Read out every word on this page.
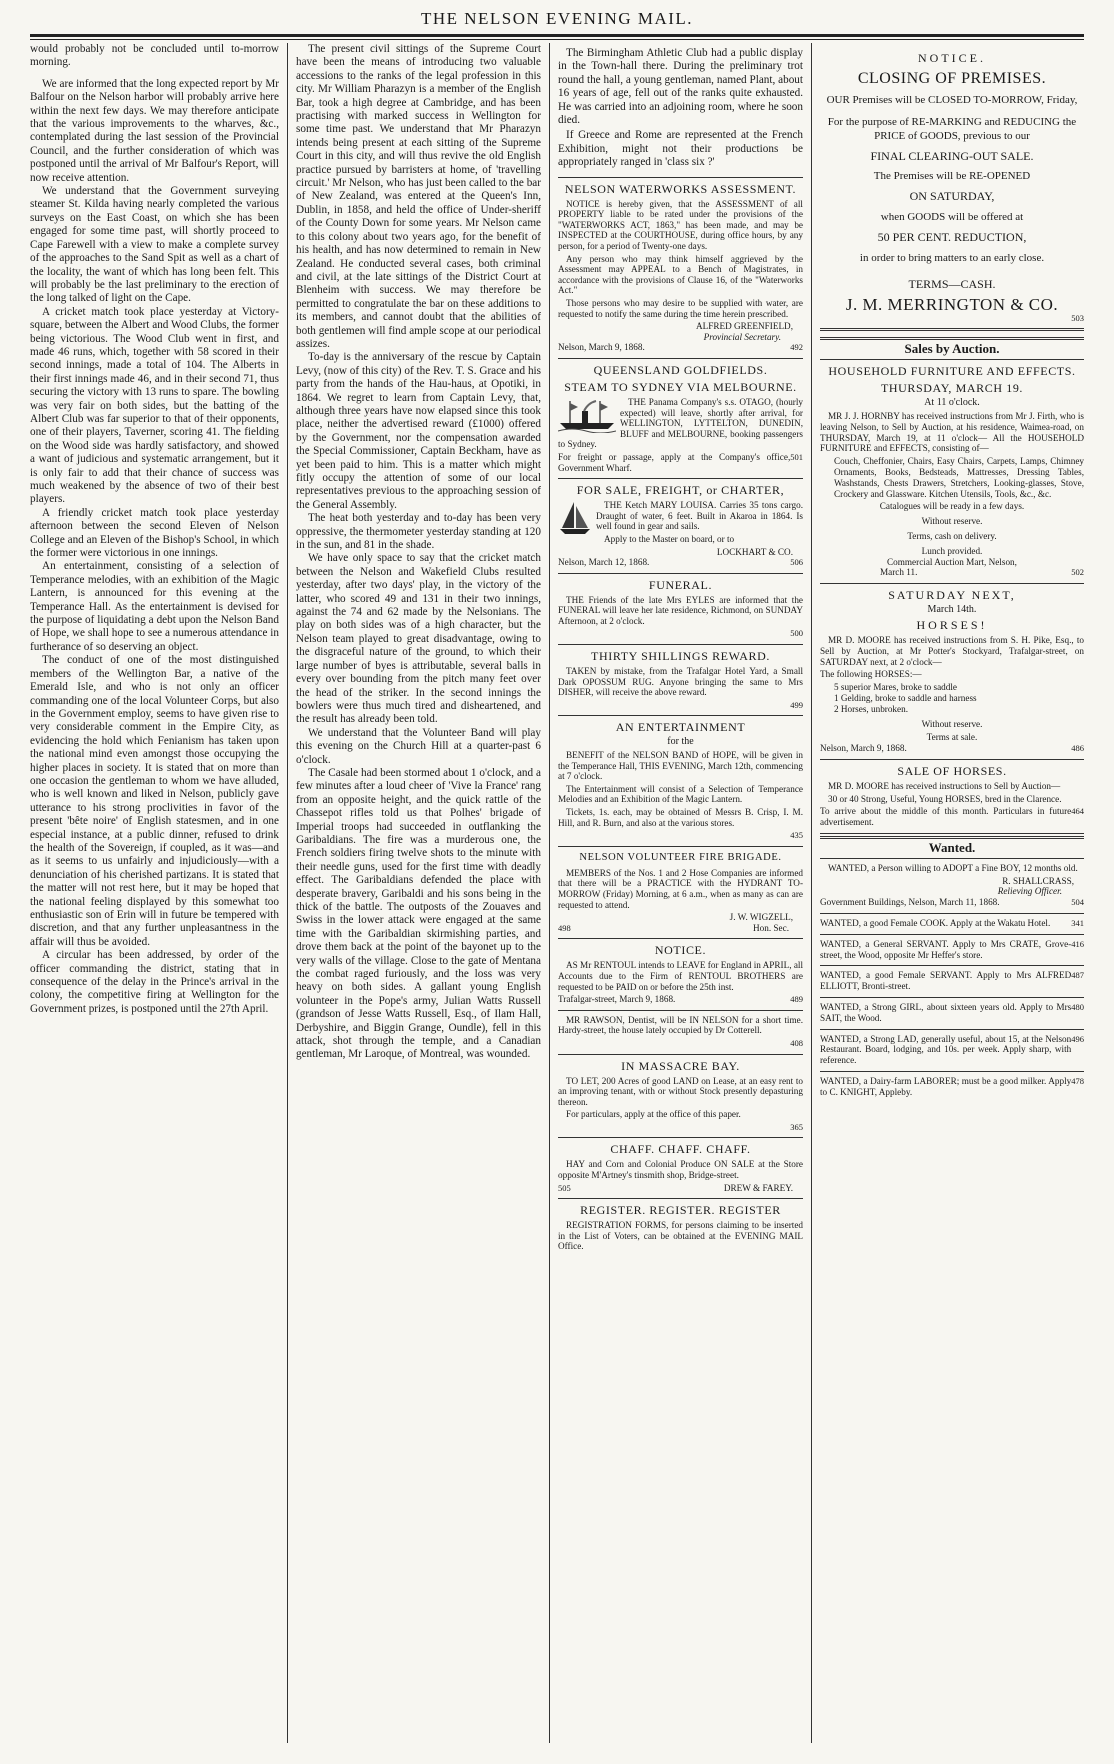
THE NELSON EVENING MAIL.

would probably not be concluded until to-morrow morning.

We are informed that the long expected report by Mr Balfour on the Nelson harbor will probably arrive here within the next few days. We may therefore anticipate that the various improvements to the wharves, &c., contemplated during the last session of the Provincial Council, and the further consideration of which was postponed until the arrival of Mr Balfour's Report, will now receive attention.

We understand that the Government surveying steamer St. Kilda having nearly completed the various surveys on the East Coast, on which she has been engaged for some time past, will shortly proceed to Cape Farewell with a view to make a complete survey of the approaches to the Sand Spit as well as a chart of the locality, the want of which has long been felt. This will probably be the last preliminary to the erection of the long talked of light on the Cape.

A cricket match took place yesterday at Victory-square, between the Albert and Wood Clubs, the former being victorious. The Wood Club went in first, and made 46 runs, which, together with 58 scored in their second innings, made a total of 104. The Alberts in their first innings made 46, and in their second 71, thus securing the victory with 13 runs to spare. The bowling was very fair on both sides, but the batting of the Albert Club was far superior to that of their opponents, one of their players, Taverner, scoring 41. The fielding on the Wood side was hardly satisfactory, and showed a want of judicious and systematic arrangement, but it is only fair to add that their chance of success was much weakened by the absence of two of their best players.

A friendly cricket match took place yesterday afternoon between the second Eleven of Nelson College and an Eleven of the Bishop's School, in which the former were victorious in one innings.

An entertainment, consisting of a selection of Temperance melodies, with an exhibition of the Magic Lantern, is announced for this evening at the Temperance Hall. As the entertainment is devised for the purpose of liquidating a debt upon the Nelson Band of Hope, we shall hope to see a numerous attendance in furtherance of so deserving an object.

The conduct of one of the most distinguished members of the Wellington Bar, a native of the Emerald Isle, and who is not only an officer commanding one of the local Volunteer Corps, but also in the Government employ, seems to have given rise to very considerable comment in the Empire City, as evidencing the hold which Fenianism has taken upon the national mind even amongst those occupying the higher places in society. It is stated that on more than one occasion the gentleman to whom we have alluded, who is well known and liked in Nelson, publicly gave utterance to his strong proclivities in favor of the present 'bête noire' of English statesmen, and in one especial instance, at a public dinner, refused to drink the health of the Sovereign, if coupled, as it was—and as it seems to us unfairly and injudiciously—with a denunciation of his cherished partizans. It is stated that the matter will not rest here, but it may be hoped that the national feeling displayed by this somewhat too enthusiastic son of Erin will in future be tempered with discretion, and that any further unpleasantness in the affair will thus be avoided.

A circular has been addressed, by order of the officer commanding the district, stating that in consequence of the delay in the Prince's arrival in the colony, the competitive firing at Wellington for the Government prizes, is postponed until the 27th April.

The present civil sittings of the Supreme Court have been the means of introducing two valuable accessions to the ranks of the legal profession in this city. Mr William Pharazyn is a member of the English Bar, took a high degree at Cambridge, and has been practising with marked success in Wellington for some time past. We understand that Mr Pharazyn intends being present at each sitting of the Supreme Court in this city, and will thus revive the old English practice pursued by barristers at home, of 'travelling circuit.' Mr Nelson, who has just been called to the bar of New Zealand, was entered at the Queen's Inn, Dublin, in 1858, and held the office of Under-sheriff of the County Down for some years. Mr Nelson came to this colony about two years ago, for the benefit of his health, and has now determined to remain in New Zealand. He conducted several cases, both criminal and civil, at the late sittings of the District Court at Blenheim with success. We may therefore be permitted to congratulate the bar on these additions to its members, and cannot doubt that the abilities of both gentlemen will find ample scope at our periodical assizes.

To-day is the anniversary of the rescue by Captain Levy, (now of this city) of the Rev. T. S. Grace and his party from the hands of the Hau-haus, at Opotiki, in 1864. We regret to learn from Captain Levy, that, although three years have now elapsed since this took place, neither the advertised reward (£1000) offered by the Government, nor the compensation awarded the Special Commissioner, Captain Beckham, have as yet been paid to him. This is a matter which might fitly occupy the attention of some of our local representatives previous to the approaching session of the General Assembly.

The heat both yesterday and to-day has been very oppressive, the thermometer yesterday standing at 120 in the sun, and 81 in the shade.

We have only space to say that the cricket match between the Nelson and Wakefield Clubs resulted yesterday, after two days' play, in the victory of the latter, who scored 49 and 131 in their two innings, against the 74 and 62 made by the Nelsonians. The play on both sides was of a high character, but the Nelson team played to great disadvantage, owing to the disgraceful nature of the ground, to which their large number of byes is attributable, several balls in every over bounding from the pitch many feet over the head of the striker. In the second innings the bowlers were thus much tired and disheartened, and the result has already been told.

We understand that the Volunteer Band will play this evening on the Church Hill at a quarter-past 6 o'clock.

The Casale had been stormed about 1 o'clock, and a few minutes after a loud cheer of 'Vive la France' rang from an opposite height, and the quick rattle of the Chassepot rifles told us that Polhes' brigade of Imperial troops had succeeded in outflanking the Garibaldians. The fire was a murderous one, the French soldiers firing twelve shots to the minute with their needle guns, used for the first time with deadly effect. The Garibaldians defended the place with desperate bravery, Garibaldi and his sons being in the thick of the battle. The outposts of the Zouaves and Swiss in the lower attack were engaged at the same time with the Garibaldian skirmishing parties, and drove them back at the point of the bayonet up to the very walls of the village. Close to the gate of Mentana the combat raged furiously, and the loss was very heavy on both sides. A gallant young English volunteer in the Pope's army, Julian Watts Russell (grandson of Jesse Watts Russell, Esq., of Ilam Hall, Derbyshire, and Biggin Grange, Oundle), fell in this attack, shot through the temple, and a Canadian gentleman, Mr Laroque, of Montreal, was wounded.

The Birmingham Athletic Club had a public display in the Town-hall there. During the preliminary trot round the hall, a young gentleman, named Plant, about 16 years of age, fell out of the ranks quite exhausted. He was carried into an adjoining room, where he soon died.

If Greece and Rome are represented at the French Exhibition, might not their productions be appropriately ranged in 'class six ?'

NELSON WATERWORKS ASSESSMENT.

NOTICE is hereby given, that the ASSESSMENT of all PROPERTY liable to be rated under the provisions of the "WATERWORKS ACT, 1863," has been made, and may be INSPECTED at the COURTHOUSE, during office hours, by any person, for a period of Twenty-one days.

Any person who may think himself aggrieved by the Assessment may APPEAL to a Bench of Magistrates, in accordance with the provisions of Clause 16, of the "Waterworks Act."

Those persons who may desire to be supplied with water, are requested to notify the same during the time herein prescribed.

ALFRED GREENFIELD,
Provincial Secretary.
Nelson, March 9, 1868.	492
QUEENSLAND GOLDFIELDS.
STEAM TO SYDNEY VIA MELBOURNE.

THE Panama Company's s.s. OTAGO, (hourly expected) will leave, shortly after arrival, for WELLINGTON, LYTTELTON, DUNEDIN, BLUFF and MELBOURNE, booking passengers to Sydney.

For freight or passage, apply at the Company's office, Government Wharf.
501
FOR SALE, FREIGHT, or CHARTER,

THE Ketch MARY LOUISA. Carries 35 tons cargo. Draught of water, 6 feet. Built in Akaroa in 1864. Is well found in gear and sails.

Apply to the Master on board, or to

LOCKHART & CO.
Nelson, March 12, 1868.	506
FUNERAL.

THE Friends of the late Mrs EYLES are informed that the FUNERAL will leave her late residence, Richmond, on SUNDAY Afternoon, at 2 o'clock.

500
THIRTY SHILLINGS REWARD.

TAKEN by mistake, from the Trafalgar Hotel Yard, a Small Dark OPOSSUM RUG. Anyone bringing the same to Mrs DISHER, will receive the above reward.

499
AN ENTERTAINMENT
for the

BENEFIT of the NELSON BAND of HOPE, will be given in the Temperance Hall, THIS EVENING, March 12th, commencing at 7 o'clock.

The Entertainment will consist of a Selection of Temperance Melodies and an Exhibition of the Magic Lantern.

Tickets, 1s. each, may be obtained of Messrs B. Crisp, I. M. Hill, and R. Burn, and also at the various stores.

435
NELSON VOLUNTEER FIRE BRIGADE.

MEMBERS of the Nos. 1 and 2 Hose Companies are informed that there will be a PRACTICE with the HYDRANT TO-MORROW (Friday) Morning, at 6 a.m., when as many as can are requested to attend.

J. W. WIGZELL,
498	Hon. Sec.
NOTICE.

AS Mr RENTOUL intends to LEAVE for England in APRIL, all Accounts due to the Firm of RENTOUL BROTHERS are requested to be PAID on or before the 25th inst.

Trafalgar-street, March 9, 1868.	489

MR RAWSON, Dentist, will be IN NELSON for a short time. Hardy-street, the house lately occupied by Dr Cotterell.

408
IN MASSACRE BAY.

TO LET, 200 Acres of good LAND on Lease, at an easy rent to an improving tenant, with or without Stock presently depasturing thereon.

For particulars, apply at the office of this paper.

365
CHAFF. CHAFF. CHAFF.

HAY and Corn and Colonial Produce ON SALE at the Store opposite M'Artney's tinsmith shop, Bridge-street.

505	DREW & FAREY.
REGISTER. REGISTER. REGISTER

REGISTRATION FORMS, for persons claiming to be inserted in the List of Voters, can be obtained at the EVENING MAIL Office.

NOTICE.
CLOSING OF PREMISES.
OUR Premises will be CLOSED TO-MORROW, Friday,
For the purpose of RE-MARKING and REDUCING the PRICE of GOODS, previous to our
FINAL CLEARING-OUT SALE.
The Premises will be RE-OPENED
ON SATURDAY,
when GOODS will be offered at
50 PER CENT. REDUCTION,
in order to bring matters to an early close.
TERMS—CASH.
J. M. MERRINGTON & CO.
503
Sales by Auction.
HOUSEHOLD FURNITURE AND EFFECTS.
THURSDAY, MARCH 19.
At 11 o'clock.

MR J. J. HORNBY has received instructions from Mr J. Firth, who is leaving Nelson, to Sell by Auction, at his residence, Waimea-road, on THURSDAY, March 19, at 11 o'clock— All the HOUSEHOLD FURNITURE and EFFECTS, consisting of—

Couch, Cheffonier, Chairs, Easy Chairs, Carpets, Lamps, Chimney Ornaments, Books, Bedsteads, Mattresses, Dressing Tables, Washstands, Chests Drawers, Stretchers, Looking-glasses, Stove, Crockery and Glassware. Kitchen Utensils, Tools, &c., &c.

Catalogues will be ready in a few days.
Without reserve.
Terms, cash on delivery.
Lunch provided.
Commercial Auction Mart, Nelson,
March 11.	502
SATURDAY NEXT,
March 14th.
HORSES!

MR D. MOORE has received instructions from S. H. Pike, Esq., to Sell by Auction, at Mr Potter's Stockyard, Trafalgar-street, on SATURDAY next, at 2 o'clock—

The following HORSES:—

5 superior Mares, broke to saddle
1 Gelding, broke to saddle and harness
2 Horses, unbroken.
Without reserve.
Terms at sale.
Nelson, March 9, 1868.	486
SALE OF HORSES.

MR D. MOORE has received instructions to Sell by Auction—

30 or 40 Strong, Useful, Young HORSES, bred in the Clarence.

To arrive about the middle of this month. Particulars in future advertisement.
464
Wanted.

WANTED, a Person willing to ADOPT a Fine BOY, 12 months old.

R. SHALLCRASS,
Relieving Officer.
Government Buildings, Nelson, March 11, 1868.	504
WANTED, a good Female COOK. Apply at the Wakatu Hotel. 341
WANTED, a General SERVANT. Apply to Mrs CRATE, Grove-street, the Wood, opposite Mr Heffer's store.
416
WANTED, a good Female SERVANT. Apply to Mrs ALFRED ELLIOTT, Bronti-street.
487
WANTED, a Strong GIRL, about sixteen years old. Apply to Mrs SAIT, the Wood.
480
WANTED, a Strong LAD, generally useful, about 15, at the Nelson Restaurant. Board, lodging, and 10s. per week. Apply sharp, with reference.
496
WANTED, a Dairy-farm LABORER; must be a good milker. Apply to C. KNIGHT, Appleby.
478
